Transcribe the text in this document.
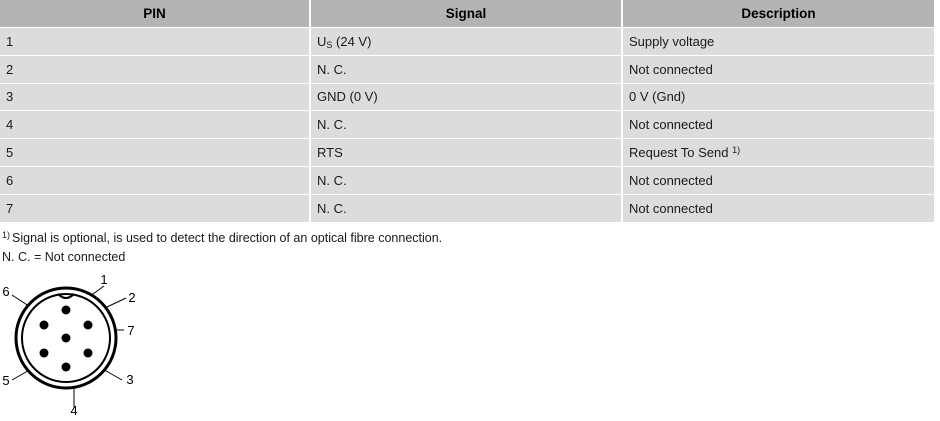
PIN	Signal	Description
1	$U_S$ (24 V)	Supply voltage
2	N. C.	Not connected
3	GND (0 V)	0 V (Gnd)
4	N. C.	Not connected
5	RTS	Request To Send $^{1)}$
6	N. C.	Not connected
7	N. C.	Not connected
$^{1)}$ Signal is optional, is used to detect the direction of an optical fibre connection.
N. C. = Not connected
1
2
3
4
5
6
7
